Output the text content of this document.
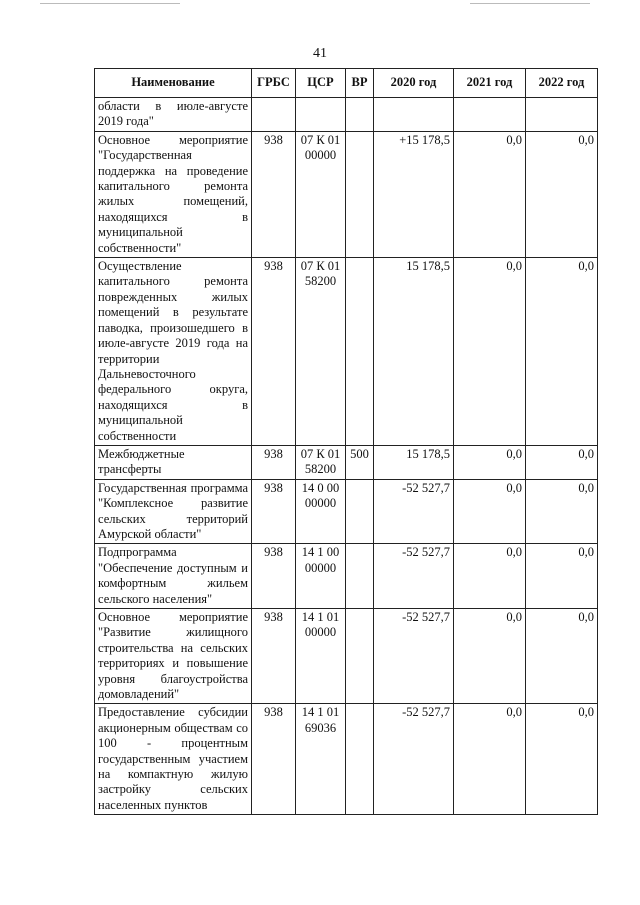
41
Наименование	ГРБС	ЦСР	ВР	2020 год	2021 год	2022 год
области в июле-августе 2019 года"						
Основное мероприятие "Государственная поддержка на проведение капитального ремонта жилых помещений, находящихся в муниципальной собственности"	938	07 К 01 00000		+15 178,5	0,0	0,0
Осуществление капитального ремонта поврежденных жилых помещений в результате паводка, произошедшего в июле-августе 2019 года на территории Дальневосточного федерального округа, находящихся в муниципальной собственности	938	07 К 01 58200		15 178,5	0,0	0,0
Межбюджетные трансферты	938	07 К 01 58200	500	15 178,5	0,0	0,0
Государственная программа "Комплексное развитие сельских территорий Амурской области"	938	14 0 00 00000		-52 527,7	0,0	0,0
Подпрограмма "Обеспечение доступным и комфортным жильем сельского населения"	938	14 1 00 00000		-52 527,7	0,0	0,0
Основное мероприятие "Развитие жилищного строительства на сельских территориях и повышение уровня благоустройства домовладений"	938	14 1 01 00000		-52 527,7	0,0	0,0
Предоставление субсидии акционерным обществам со 100 - процентным государственным участием на компактную жилую застройку сельских населенных пунктов	938	14 1 01 69036		-52 527,7	0,0	0,0
